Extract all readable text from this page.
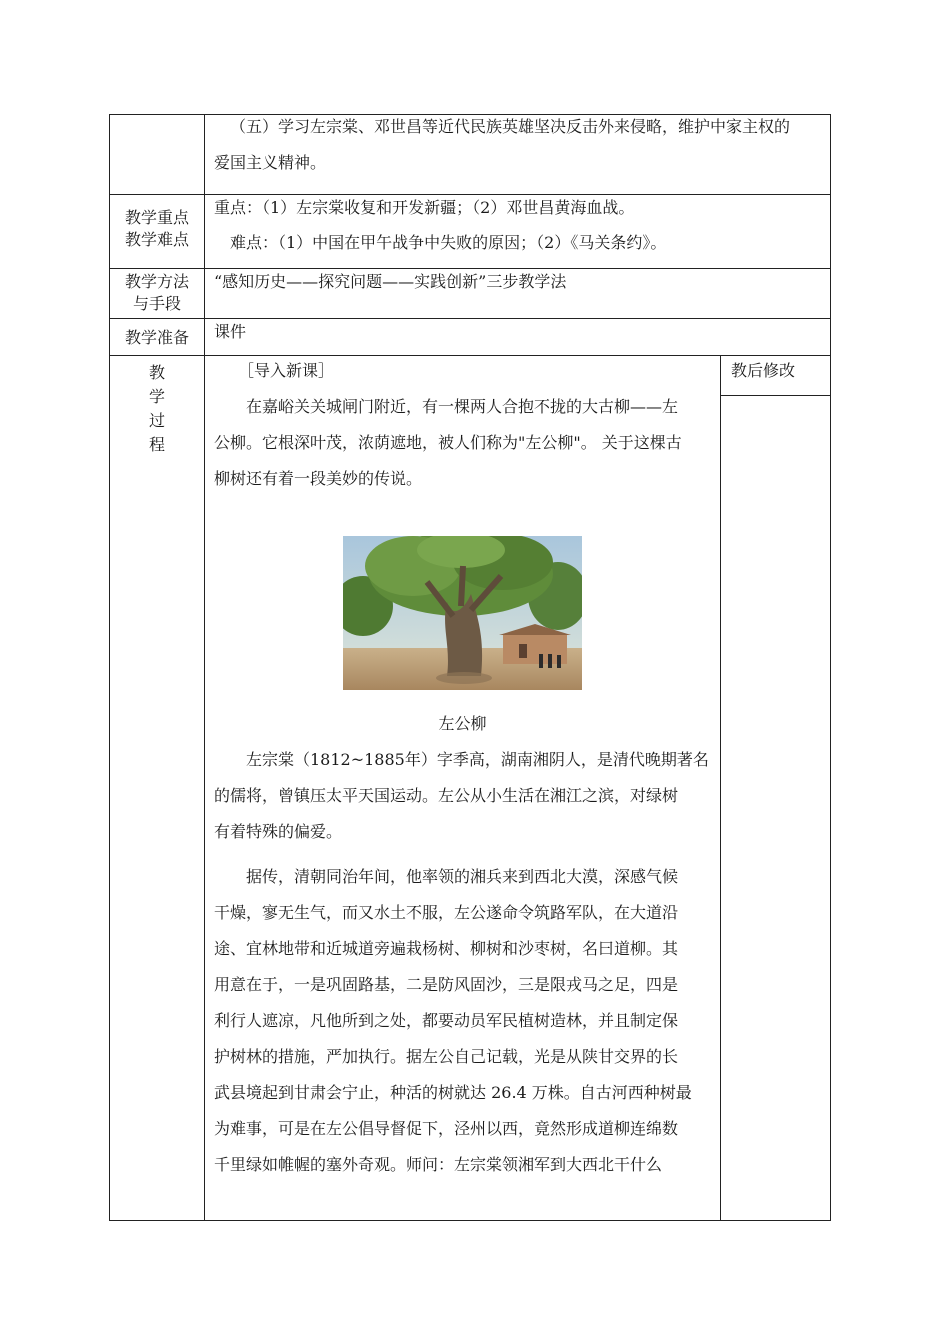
（五）学习左宗棠、邓世昌等近代民族英雄坚决反击外来侵略，维护中家主权的
爱国主义精神。
教学重点
教学难点
重点：（1）左宗棠收复和开发新疆；（2）邓世昌黄海血战。
难点：（1）中国在甲午战争中失败的原因；（2）《马关条约》。
教学方法
与手段
“感知历史——探究问题——实践创新”三步教学法
教学准备	课件
教
学
过
程
教后修改
［导入新课］
在嘉峪关关城闸门附近，有一棵两人合抱不拢的大古柳——左
公柳。它根深叶茂，浓荫遮地，被人们称为"左公柳"。 关于这棵古
柳树还有着一段美妙的传说。
左公柳
左宗棠（1812~1885年）字季高，湖南湘阴人，是清代晚期著名
的儒将，曾镇压太平天国运动。左公从小生活在湘江之滨，对绿树
有着特殊的偏爱。
据传，清朝同治年间，他率领的湘兵来到西北大漠，深感气候
干燥，寥无生气，而又水土不服，左公遂命令筑路军队，在大道沿
途、宜林地带和近城道旁遍栽杨树、柳树和沙枣树，名曰道柳。其
用意在于，一是巩固路基，二是防风固沙，三是限戎马之足，四是
利行人遮凉，凡他所到之处，都要动员军民植树造林，并且制定保
护树林的措施，严加执行。据左公自己记载，光是从陕甘交界的长
武县境起到甘肃会宁止，种活的树就达 26.4 万株。自古河西种树最
为难事，可是在左公倡导督促下，泾州以西，竟然形成道柳连绵数
千里绿如帷幄的塞外奇观。师问：左宗棠领湘军到大西北干什么
